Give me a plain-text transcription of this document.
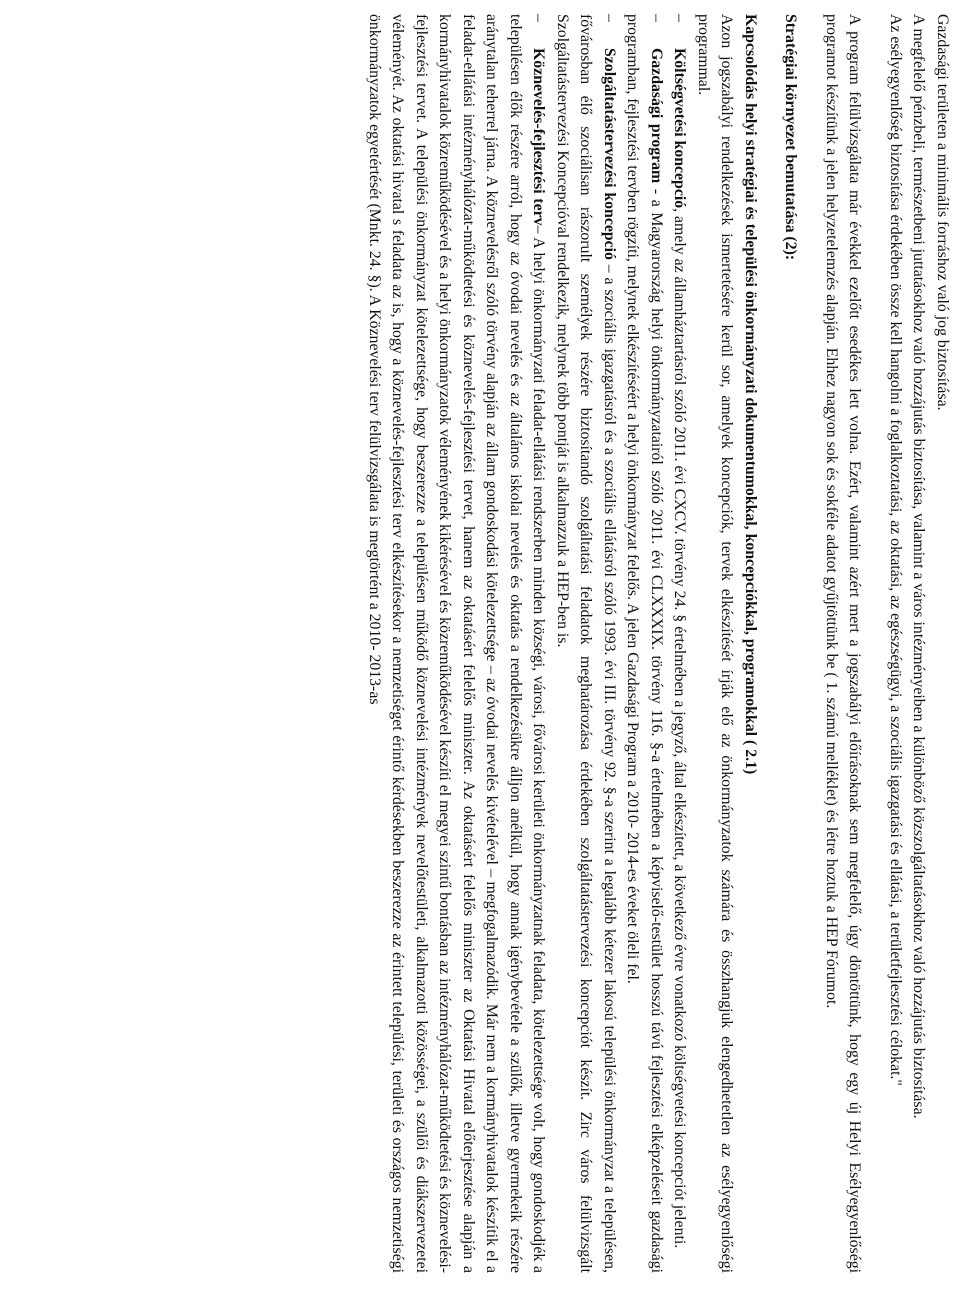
Gazdasági területen a minimális forráshoz való jog biztosítása.

A megfelelő pénzbeli, természetbeni juttatásokhoz való hozzájutás biztosítása, valamint a város intézményeiben a különböző közszolgáltatásokhoz való hozzájutás biztosítása.

Az esélyegyenlőség biztosítása érdekében össze kell hangolni a foglalkoztatási, az oktatási, az egészségügyi, a szociális igazgatási és ellátási, a területfejlesztési célokat."

A program felülvizsgálata már évekkel ezelőtt esedékes lett volna. Ezért, valamint azért mert a jogszabályi előírásoknak sem megfelelő, úgy döntöttünk, hogy egy új Helyi Esélyegyenlőségi programot készítünk a jelen helyzetelemzés alapján. Ehhez nagyon sok és sokféle adatot gyűjtöttünk be ( 1. számú melléklet) és létre hoztuk a HEP Fórumot.

Stratégiai környezet bemutatása (2):

Kapcsolódás helyi stratégiai és települési önkormányzati dokumentumokkal, koncepciókkal, programokkal ( 2.1)

Azon jogszabályi rendelkezések ismertetésére kerül sor, amelyek koncepciók, tervek elkészítését írják elő az önkormányzatok számára és összhangjuk elengedhetetlen az esélyegyenlőségi programmal.

–Költségvetési koncepció, amely az államháztartásról szóló 2011. évi CXCV. törvény 24. § értelmében a jegyző, által elkészített, a következő évre vonatkozó költségvetési koncepciót jelenti.

–Gazdasági program - a Magyarország helyi önkormányzatairól szóló 2011. évi CLXXXIX. törvény 116. §-a értelmében a képviselő-testület hosszú távú fejlesztési elképzeléseit gazdasági programban, fejlesztési tervben rögzíti, melynek elkészítéséért a helyi önkormányzat felelős. A jelen Gazdasági Program a 2010- 2014-es éveket öleli fel.

–Szolgáltatástervezési koncepció – a szociális igazgatásról és a szociális ellátásról szóló 1993. évi III. törvény 92. §-a szerint a legalább kétezer lakosú települési önkormányzat a településen, fővárosban élő szociálisan rászorult személyek részére biztosítandó szolgáltatási feladatok meghatározása érdekében szolgáltatástervezési koncepciót készít. Zirc város felülvizsgált Szolgáltatástervezési Koncepcióval rendelkezik, melynek több pontját is alkalmazzuk a HEP-ben is.

–Köznevelés-fejlesztési terv– A helyi önkormányzati feladat-ellátási rendszerben minden községi, városi, fővárosi kerületi önkormányzatnak feladata, kötelezettsége volt, hogy gondoskodjék a településen élők részére arról, hogy az óvodai nevelés és az általános iskolai nevelés és oktatás a rendelkezésükre álljon anélkül, hogy annak igénybevétele a szülők, illetve gyermekeik részére aránytalan teherrel járna. A köznevelésről szóló törvény alapján az állam gondoskodási kötelezettsége – az óvodai nevelés kivételével – megfogalmazódik. Már nem a kormányhivatalok készítik el a feladat-ellátási intézményhálózat-működtetési és köznevelés-fejlesztési tervet, hanem az oktatásért felelős miniszter. Az oktatásért felelős miniszter az Oktatási Hivatal előterjesztése alapján a kormányhivatalok közreműködésével és a helyi önkormányzatok véleményének kikérésével és közreműködésével készíti el megyei szintű bontásban az intézményhálózat-működtetési és köznevelési-fejlesztési tervet. A települési önkormányzat kötelezettsége, hogy beszerezze a településen működő köznevelési intézmények nevelőtestületi, alkalmazotti közösségei, a szülői és diákszervezetei véleményét. Az oktatási hivatal s feladata az is, hogy a köznevelés-fejlesztési terv elkészítésekor a nemzetiséget érintő kérdésekben beszerezze az érintett települési, területi és országos nemzetiségi önkormányzatok egyetértését (Mnkt. 24. §). A Köznevelési terv felülvizsgálata is megtörtént a 2010- 2013-as
